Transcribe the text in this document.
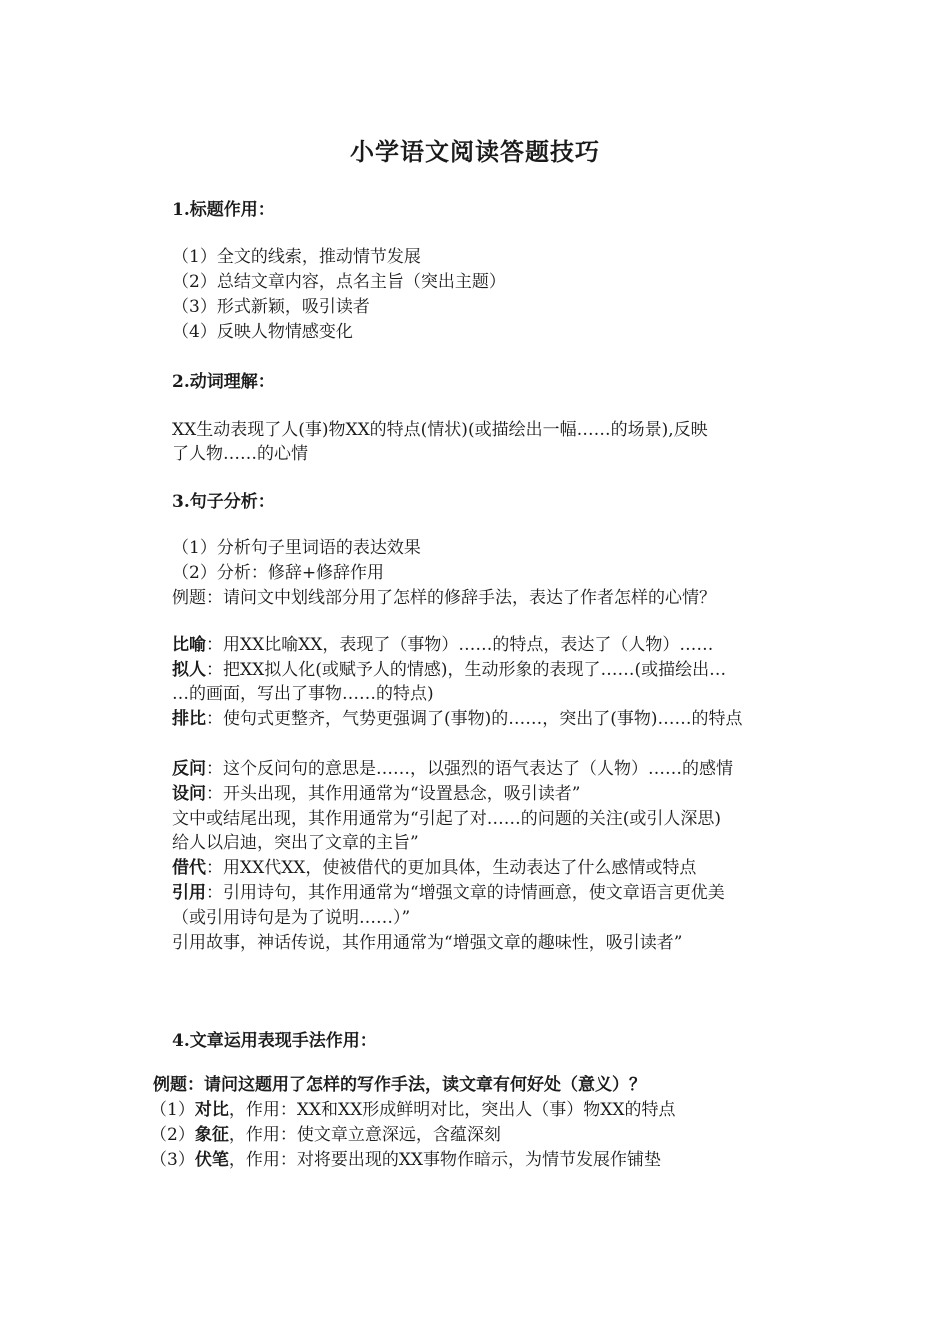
小学语文阅读答题技巧
1.标题作用：
（1）全文的线索，推动情节发展
（2）总结文章内容，点名主旨（突出主题）
（3）形式新颖，吸引读者
（4）反映人物情感变化
2.动词理解：
XX生动表现了人(事)物XX的特点(情状)(或描绘出一幅……的场景),反映
了人物……的心情
3.句子分析：
（1）分析句子里词语的表达效果
（2）分析：修辞+修辞作用
例题：请问文中划线部分用了怎样的修辞手法，表达了作者怎样的心情？
比喻：用XX比喻XX，表现了（事物）……的特点，表达了（人物）……
拟人：把XX拟人化(或赋予人的情感)，生动形象的表现了……(或描绘出…
…的画面，写出了事物……的特点)
排比：使句式更整齐，气势更强调了(事物)的……，突出了(事物)……的特点
反问：这个反问句的意思是……，以强烈的语气表达了（人物）……的感情
设问：开头出现，其作用通常为“设置悬念，吸引读者”
文中或结尾出现，其作用通常为“引起了对……的问题的关注(或引人深思)
给人以启迪，突出了文章的主旨”
借代：用XX代XX，使被借代的更加具体，生动表达了什么感情或特点
引用：引用诗句，其作用通常为“增强文章的诗情画意，使文章语言更优美
（或引用诗句是为了说明……）”
引用故事，神话传说，其作用通常为“增强文章的趣味性，吸引读者”
4.文章运用表现手法作用：
例题：请问这题用了怎样的写作手法，读文章有何好处（意义）？
（1）对比，作用：XX和XX形成鲜明对比，突出人（事）物XX的特点
（2）象征，作用：使文章立意深远，含蕴深刻
（3）伏笔，作用：对将要出现的XX事物作暗示，为情节发展作铺垫
